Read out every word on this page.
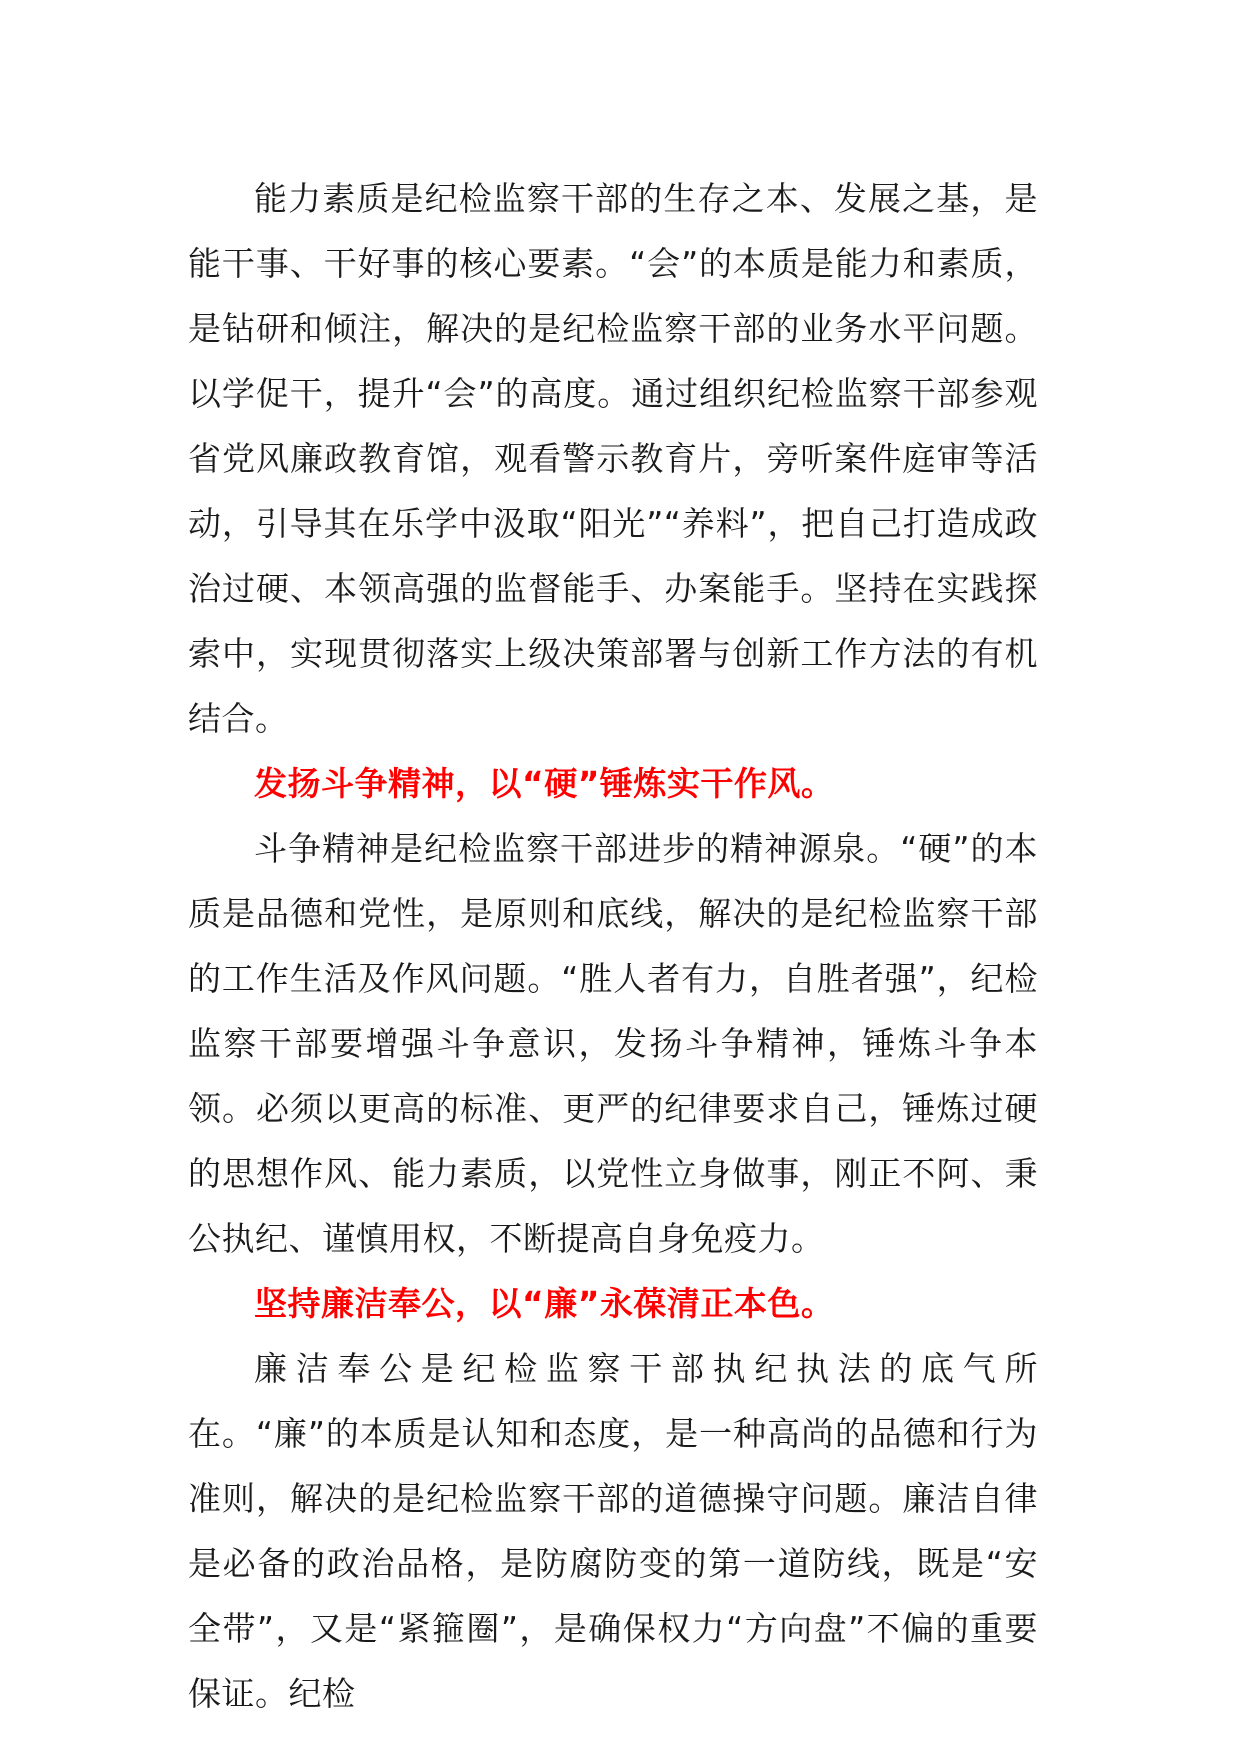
能力素质是纪检监察干部的生存之本、发展之基，是能干事、干好事的核心要素。“会”的本质是能力和素质，是钻研和倾注，解决的是纪检监察干部的业务水平问题。以学促干，提升“会”的高度。通过组织纪检监察干部参观省党风廉政教育馆，观看警示教育片，旁听案件庭审等活动，引导其在乐学中汲取“阳光”“养料”，把自己打造成政治过硬、本领高强的监督能手、办案能手。坚持在实践探索中，实现贯彻落实上级决策部署与创新工作方法的有机结合。

发扬斗争精神，以“硬”锤炼实干作风。

斗争精神是纪检监察干部进步的精神源泉。“硬”的本质是品德和党性，是原则和底线，解决的是纪检监察干部的工作生活及作风问题。“胜人者有力，自胜者强”，纪检监察干部要增强斗争意识，发扬斗争精神，锤炼斗争本领。必须以更高的标准、更严的纪律要求自己，锤炼过硬的思想作风、能力素质，以党性立身做事，刚正不阿、秉公执纪、谨慎用权，不断提高自身免疫力。

坚持廉洁奉公，以“廉”永葆清正本色。

廉洁奉公是纪检监察干部执纪执法的底气所在。“廉”的本质是认知和态度，是一种高尚的品德和行为准则，解决的是纪检监察干部的道德操守问题。廉洁自律是必备的政治品格，是防腐防变的第一道防线，既是“安全带”，又是“紧箍圈”，是确保权力“方向盘”不偏的重要保证。纪检
